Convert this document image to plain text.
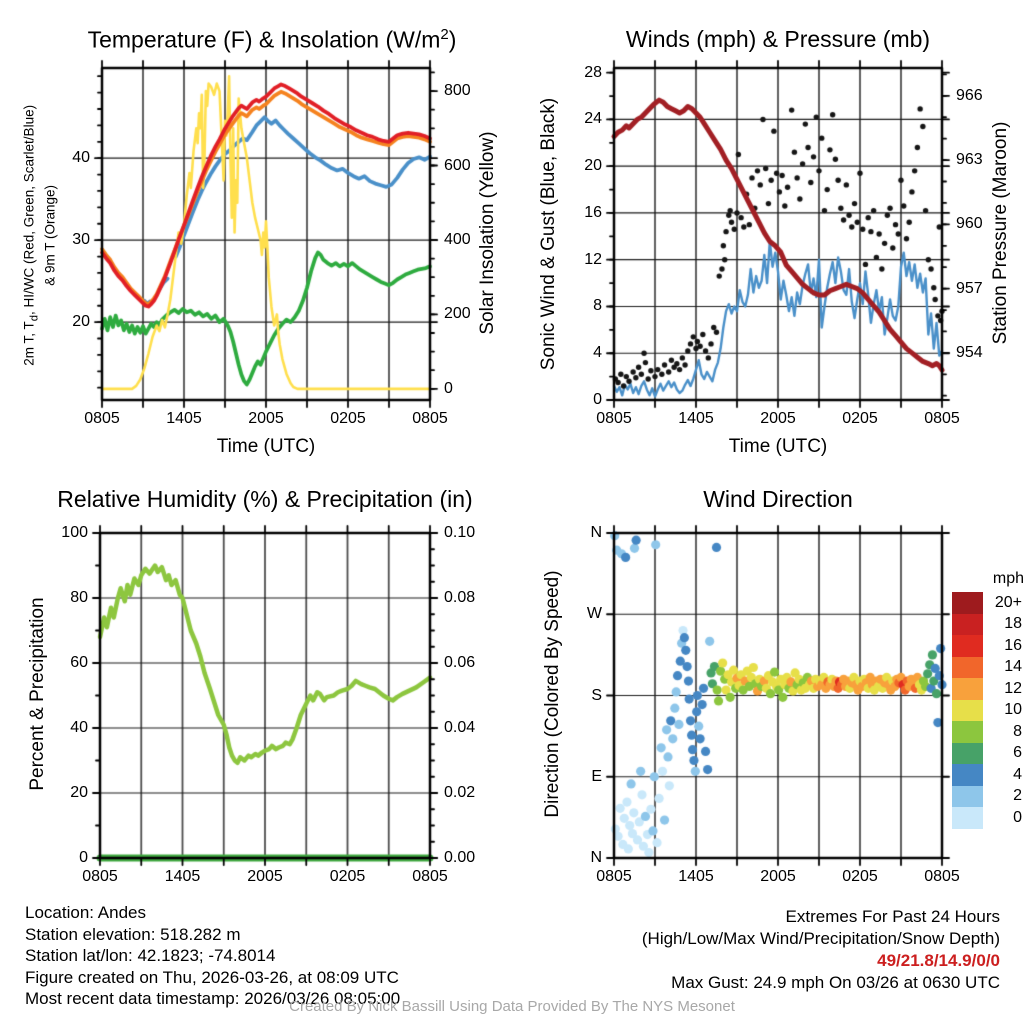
Temperature (F) & Insolation $(W/m^2)$	Winds (mph) & Pressure (mb)
Relative Humidity (%) & Precipitation (in)	Wind Direction
2m T, $T_d$, HI/WC (Red, Green, Scarlet/Blue) & 9m T (Orange)	Solar Insolation (Yellow) Sonic Wind & Gust (Blue, Black)	Station Pressure (Maroon)
Percent & Precipitation	Direction (Colored By Speed)
Time (UTC)	Time (UTC)
0805	1405	2005	0205	0805
20
30
40
0
200
400
600
800
0805	1405	2005	0205	0805
0
4
8
12
16
20
24
28
954
957
960
963
966
0805	1405	2005	0205	0805
0
20
40
60
80
100
0.00
0.02
0.04
0.06
0.08
0.10
0805	1405	2005	0205	0805
N
W
S
E
N
mph
20+
18
16
14
12
10
8
6
4
2
0
Location: Andes
Station elevation: 518.282 m
Station lat/lon: 42.1823; -74.8014
Figure created on Thu, 2026-03-26, at 08:09 UTC
Most recent data timestamp: 2026/03/26 08:05:00
Extremes For Past 24 Hours
(High/Low/Max Wind/Precipitation/Snow Depth)
49/21.8/14.9/0/0
Max Gust: 24.9 mph On 03/26 at 0630 UTC
Created By Nick Bassill Using Data Provided By The NYS Mesonet
